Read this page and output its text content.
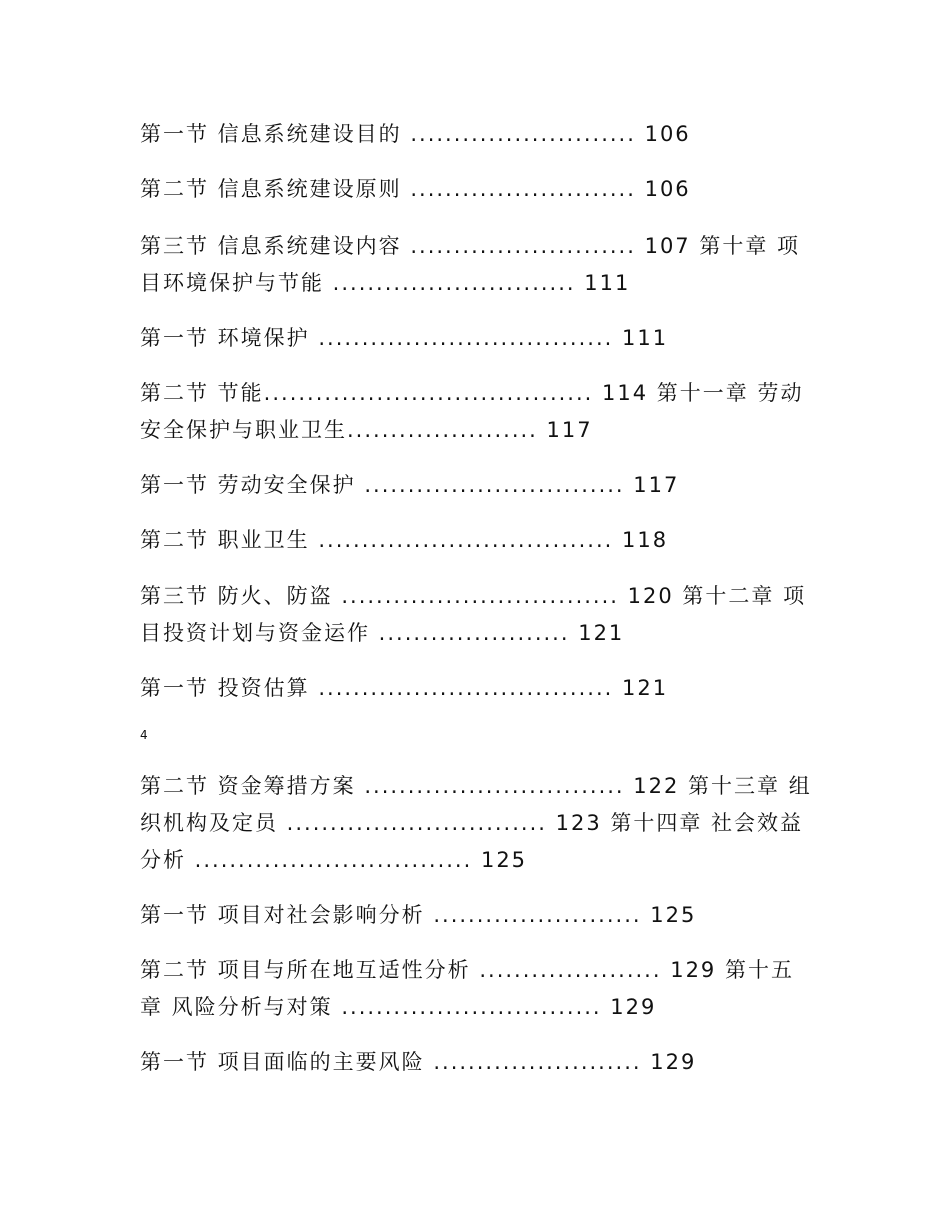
第一节 信息系统建设目的 .......................... 106
第二节 信息系统建设原则 .......................... 106
第三节 信息系统建设内容 .......................... 107 第十章 项
目环境保护与节能 ............................ 111
第一节 环境保护 .................................. 111
第二节 节能...................................... 114 第十一章 劳动
安全保护与职业卫生...................... 117
第一节 劳动安全保护 .............................. 117
第二节 职业卫生 .................................. 118
第三节 防火、防盗 ................................ 120 第十二章 项
目投资计划与资金运作 ...................... 121
第一节 投资估算 .................................. 121
4
第二节 资金筹措方案 .............................. 122 第十三章 组
织机构及定员 .............................. 123 第十四章 社会效益
分析 ................................ 125
第一节 项目对社会影响分析 ........................ 125
第二节 项目与所在地互适性分析 ..................... 129 第十五
章 风险分析与对策 .............................. 129
第一节 项目面临的主要风险 ........................ 129
